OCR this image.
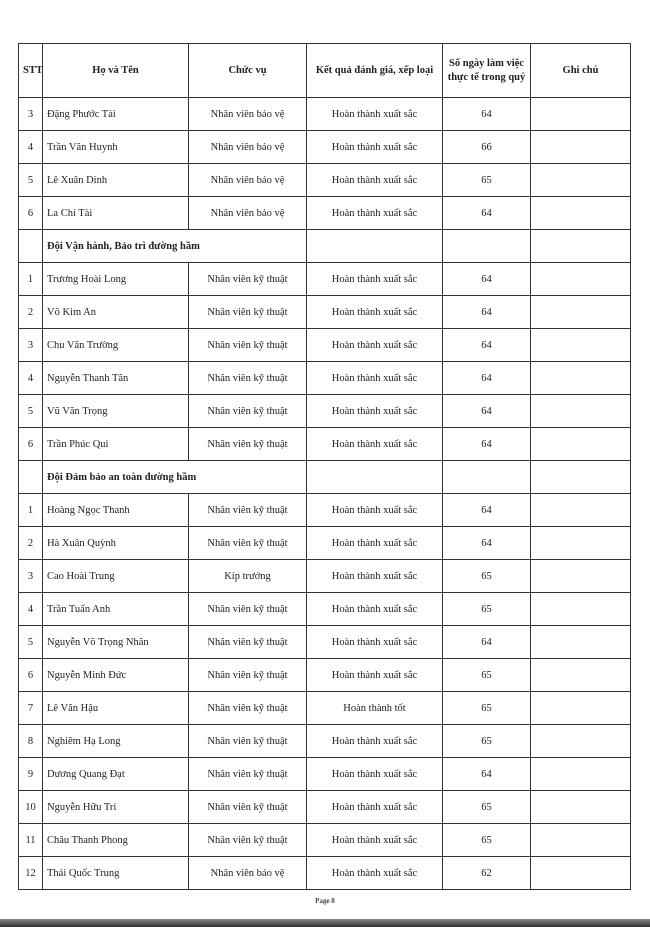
STT	Họ và Tên	Chức vụ	Kết quả đánh giá, xếp loại	Số ngày làm việc thực tế trong quý	Ghi chú
3	Đặng Phước Tài	Nhân viên bảo vệ	Hoàn thành xuất sắc	64	
4	Trần Văn Huynh	Nhân viên bảo vệ	Hoàn thành xuất sắc	66	
5	Lê Xuân Dinh	Nhân viên bảo vệ	Hoàn thành xuất sắc	65	
6	La Chí Tài	Nhân viên bảo vệ	Hoàn thành xuất sắc	64	
	Đội Vận hành, Bảo trì đường hầm				
1	Trương Hoài Long	Nhân viên kỹ thuật	Hoàn thành xuất sắc	64	
2	Võ Kim An	Nhân viên kỹ thuật	Hoàn thành xuất sắc	64	
3	Chu Văn Trường	Nhân viên kỹ thuật	Hoàn thành xuất sắc	64	
4	Nguyễn Thanh Tân	Nhân viên kỹ thuật	Hoàn thành xuất sắc	64	
5	Vũ Văn Trọng	Nhân viên kỹ thuật	Hoàn thành xuất sắc	64	
6	Trần Phúc Qui	Nhân viên kỹ thuật	Hoàn thành xuất sắc	64	
	Đội Đảm bảo an toàn đường hầm				
1	Hoàng Ngọc Thanh	Nhân viên kỹ thuật	Hoàn thành xuất sắc	64	
2	Hà Xuân Quỳnh	Nhân viên kỹ thuật	Hoàn thành xuất sắc	64	
3	Cao Hoài Trung	Kíp trưởng	Hoàn thành xuất sắc	65	
4	Trần Tuấn Anh	Nhân viên kỹ thuật	Hoàn thành xuất sắc	65	
5	Nguyễn Võ Trọng Nhân	Nhân viên kỹ thuật	Hoàn thành xuất sắc	64	
6	Nguyễn Minh Đức	Nhân viên kỹ thuật	Hoàn thành xuất sắc	65	
7	Lê Văn Hậu	Nhân viên kỹ thuật	Hoàn thành tốt	65	
8	Nghiêm Hạ Long	Nhân viên kỹ thuật	Hoàn thành xuất sắc	65	
9	Dương Quang Đạt	Nhân viên kỹ thuật	Hoàn thành xuất sắc	64	
10	Nguyễn Hữu Trí	Nhân viên kỹ thuật	Hoàn thành xuất sắc	65	
11	Châu Thanh Phong	Nhân viên kỹ thuật	Hoàn thành xuất sắc	65	
12	Thái Quốc Trung	Nhân viên bảo vệ	Hoàn thành xuất sắc	62	
Page 8
